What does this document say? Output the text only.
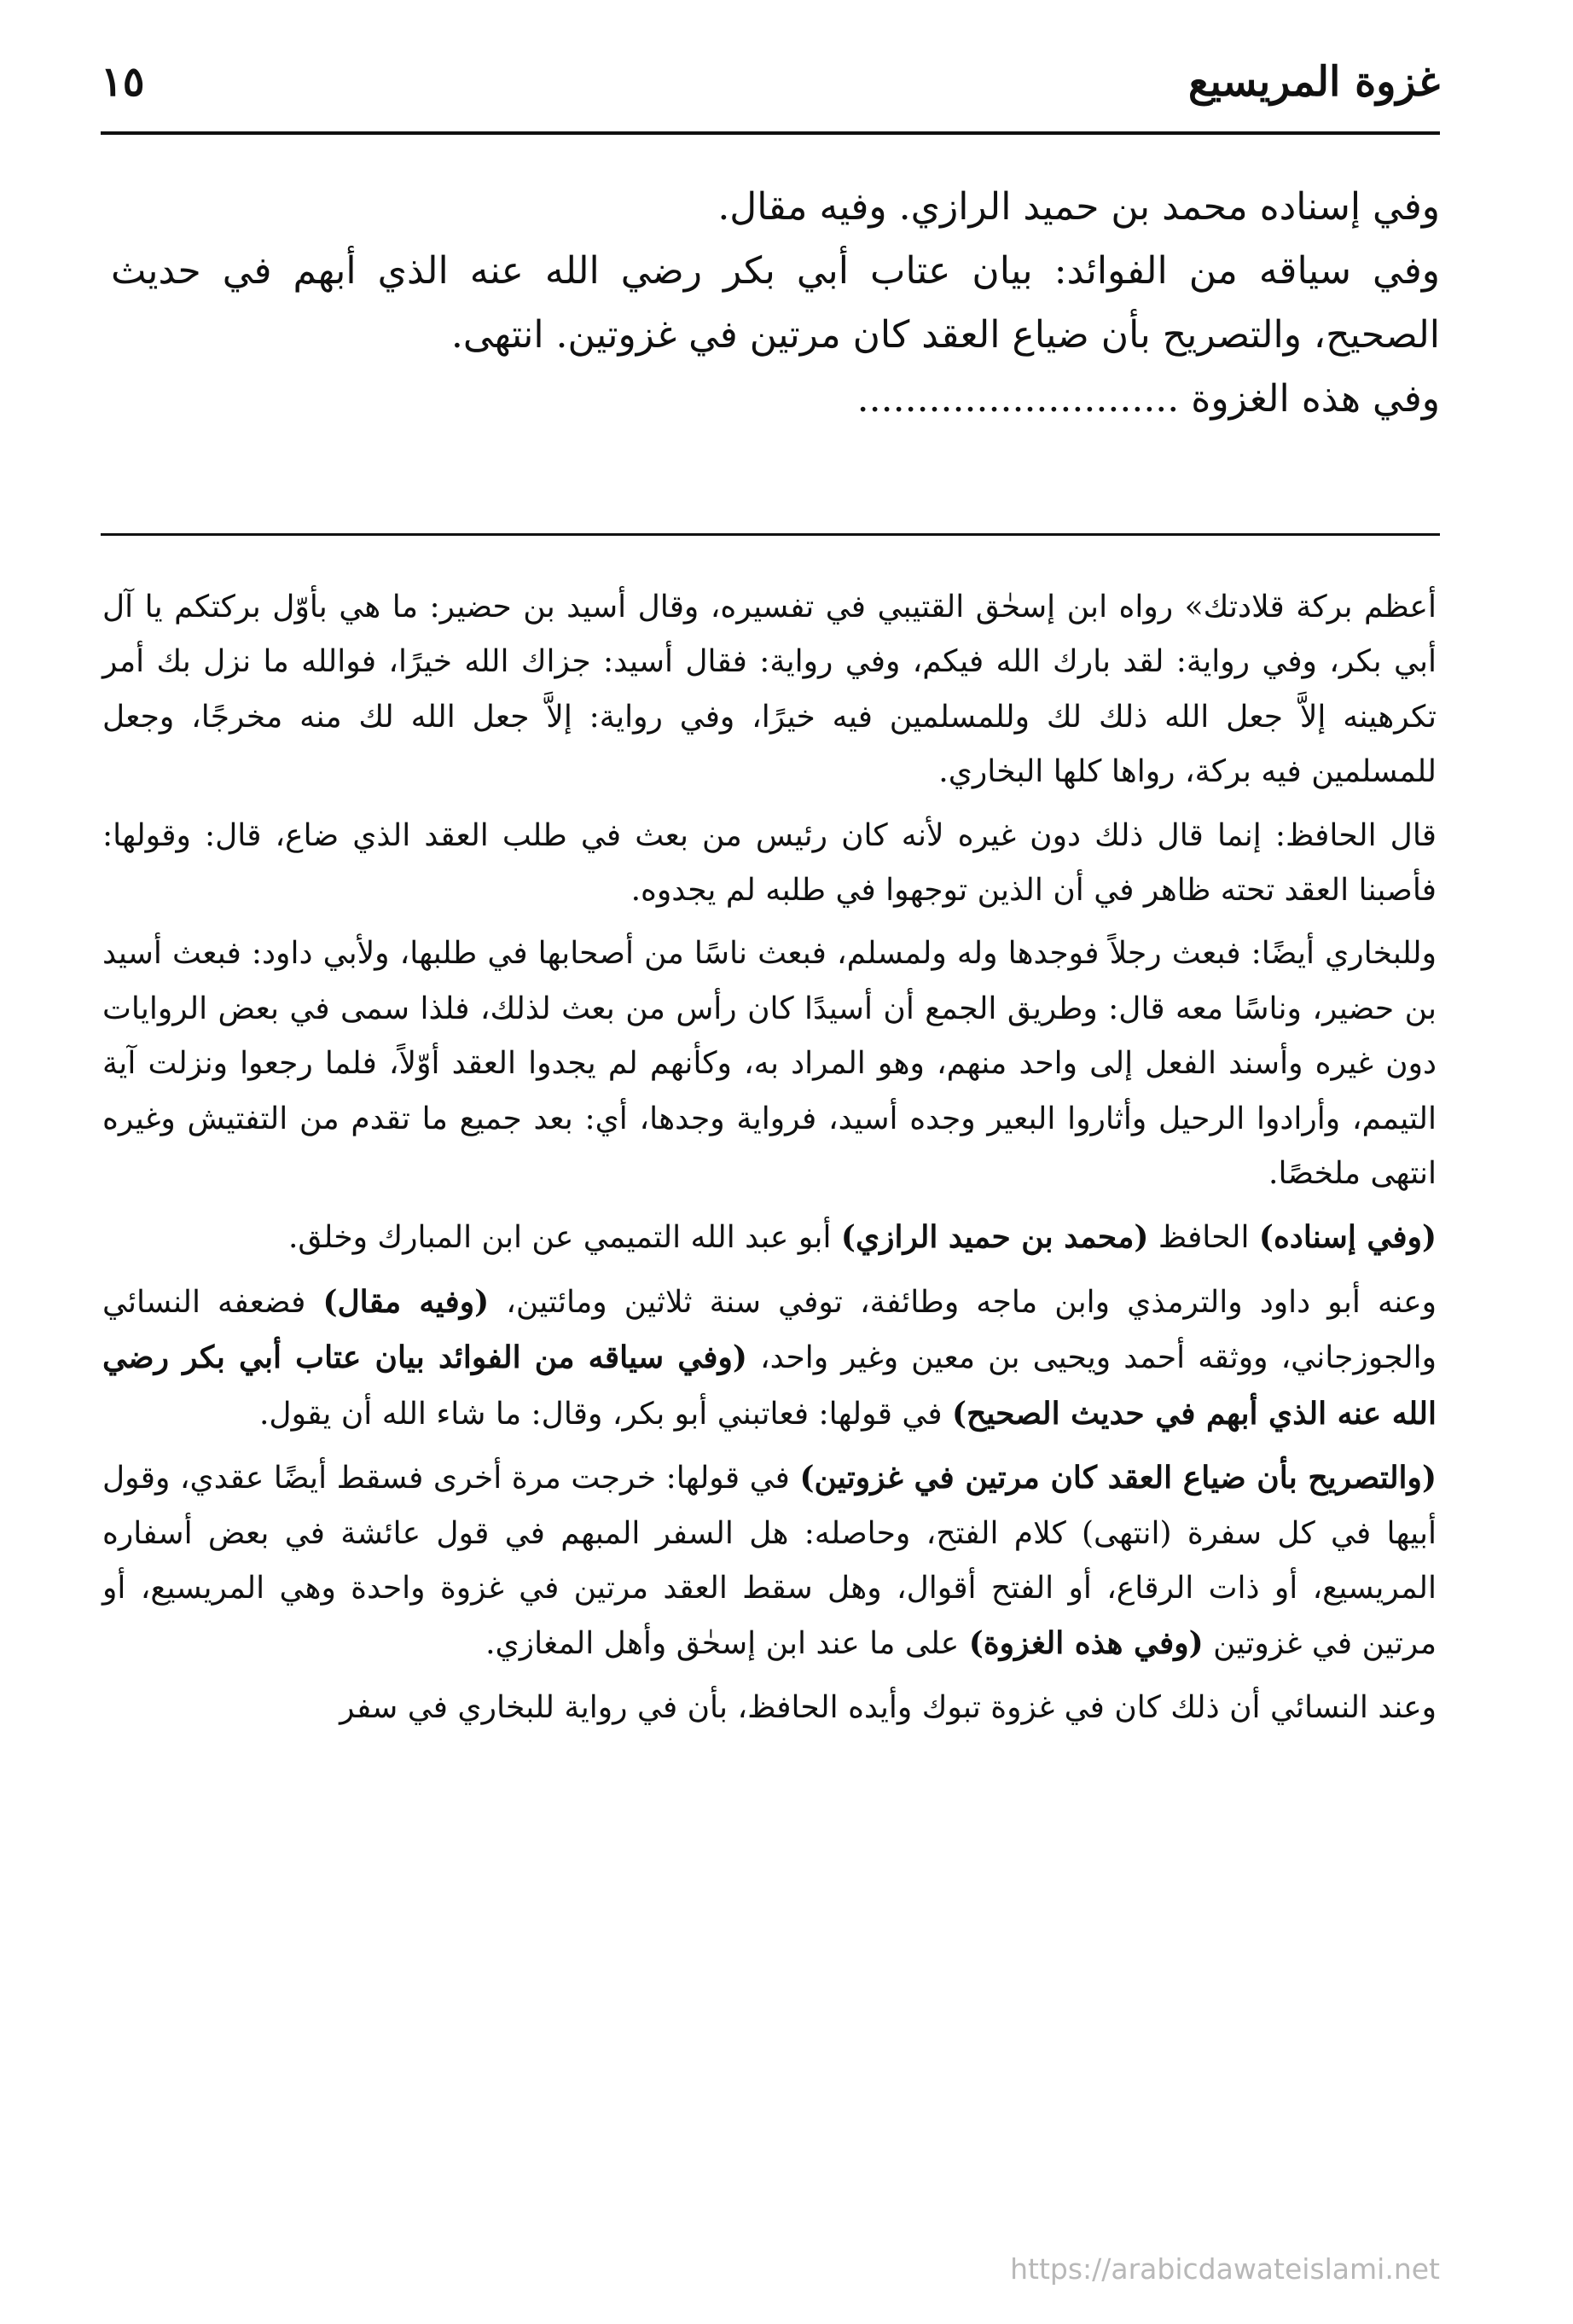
غزوة المريسيع
١٥

وفي إسناده محمد بن حميد الرازي. وفيه مقال.

وفي سياقه من الفوائد: بيان عتاب أبي بكر رضي الله عنه الذي أبهم في حديث الصحيح، والتصريح بأن ضياع العقد كان مرتين في غزوتين. انتهى.

وفي هذه الغزوة ...........................

أعظم بركة قلادتك» رواه ابن إسحٰق القتيبي في تفسيره، وقال أسيد بن حضير: ما هي بأوّل بركتكم يا آل أبي بكر، وفي رواية: لقد بارك الله فيكم، وفي رواية: فقال أسيد: جزاك الله خيرًا، فوالله ما نزل بك أمر تكرهينه إلاَّ جعل الله ذلك لك وللمسلمين فيه خيرًا، وفي رواية: إلاَّ جعل الله لك منه مخرجًا، وجعل للمسلمين فيه بركة، رواها كلها البخاري.

قال الحافظ: إنما قال ذلك دون غيره لأنه كان رئيس من بعث في طلب العقد الذي ضاع، قال: وقولها: فأصبنا العقد تحته ظاهر في أن الذين توجهوا في طلبه لم يجدوه.

وللبخاري أيضًا: فبعث رجلاً فوجدها وله ولمسلم، فبعث ناسًا من أصحابها في طلبها، ولأبي داود: فبعث أسيد بن حضير، وناسًا معه قال: وطريق الجمع أن أسيدًا كان رأس من بعث لذلك، فلذا سمى في بعض الروايات دون غيره وأسند الفعل إلى واحد منهم، وهو المراد به، وكأنهم لم يجدوا العقد أوّلاً، فلما رجعوا ونزلت آية التيمم، وأرادوا الرحيل وأثاروا البعير وجده أسيد، فرواية وجدها، أي: بعد جميع ما تقدم من التفتيش وغيره انتهى ملخصًا.

(وفي إسناده) الحافظ (محمد بن حميد الرازي) أبو عبد الله التميمي عن ابن المبارك وخلق.

وعنه أبو داود والترمذي وابن ماجه وطائفة، توفي سنة ثلاثين ومائتين، (وفيه مقال) فضعفه النسائي والجوزجاني، ووثقه أحمد ويحيى بن معين وغير واحد، (وفي سياقه من الفوائد بيان عتاب أبي بكر رضي الله عنه الذي أبهم في حديث الصحيح) في قولها: فعاتبني أبو بكر، وقال: ما شاء الله أن يقول.

(والتصريح بأن ضياع العقد كان مرتين في غزوتين) في قولها: خرجت مرة أخرى فسقط أيضًا عقدي، وقول أبيها في كل سفرة (انتهى) كلام الفتح، وحاصله: هل السفر المبهم في قول عائشة في بعض أسفاره المريسيع، أو ذات الرقاع، أو الفتح أقوال، وهل سقط العقد مرتين في غزوة واحدة وهي المريسيع، أو مرتين في غزوتين (وفي هذه الغزوة) على ما عند ابن إسحٰق وأهل المغازي.

وعند النسائي أن ذلك كان في غزوة تبوك وأيده الحافظ، بأن في رواية للبخاري في سفر

https://arabicdawateislami.net
